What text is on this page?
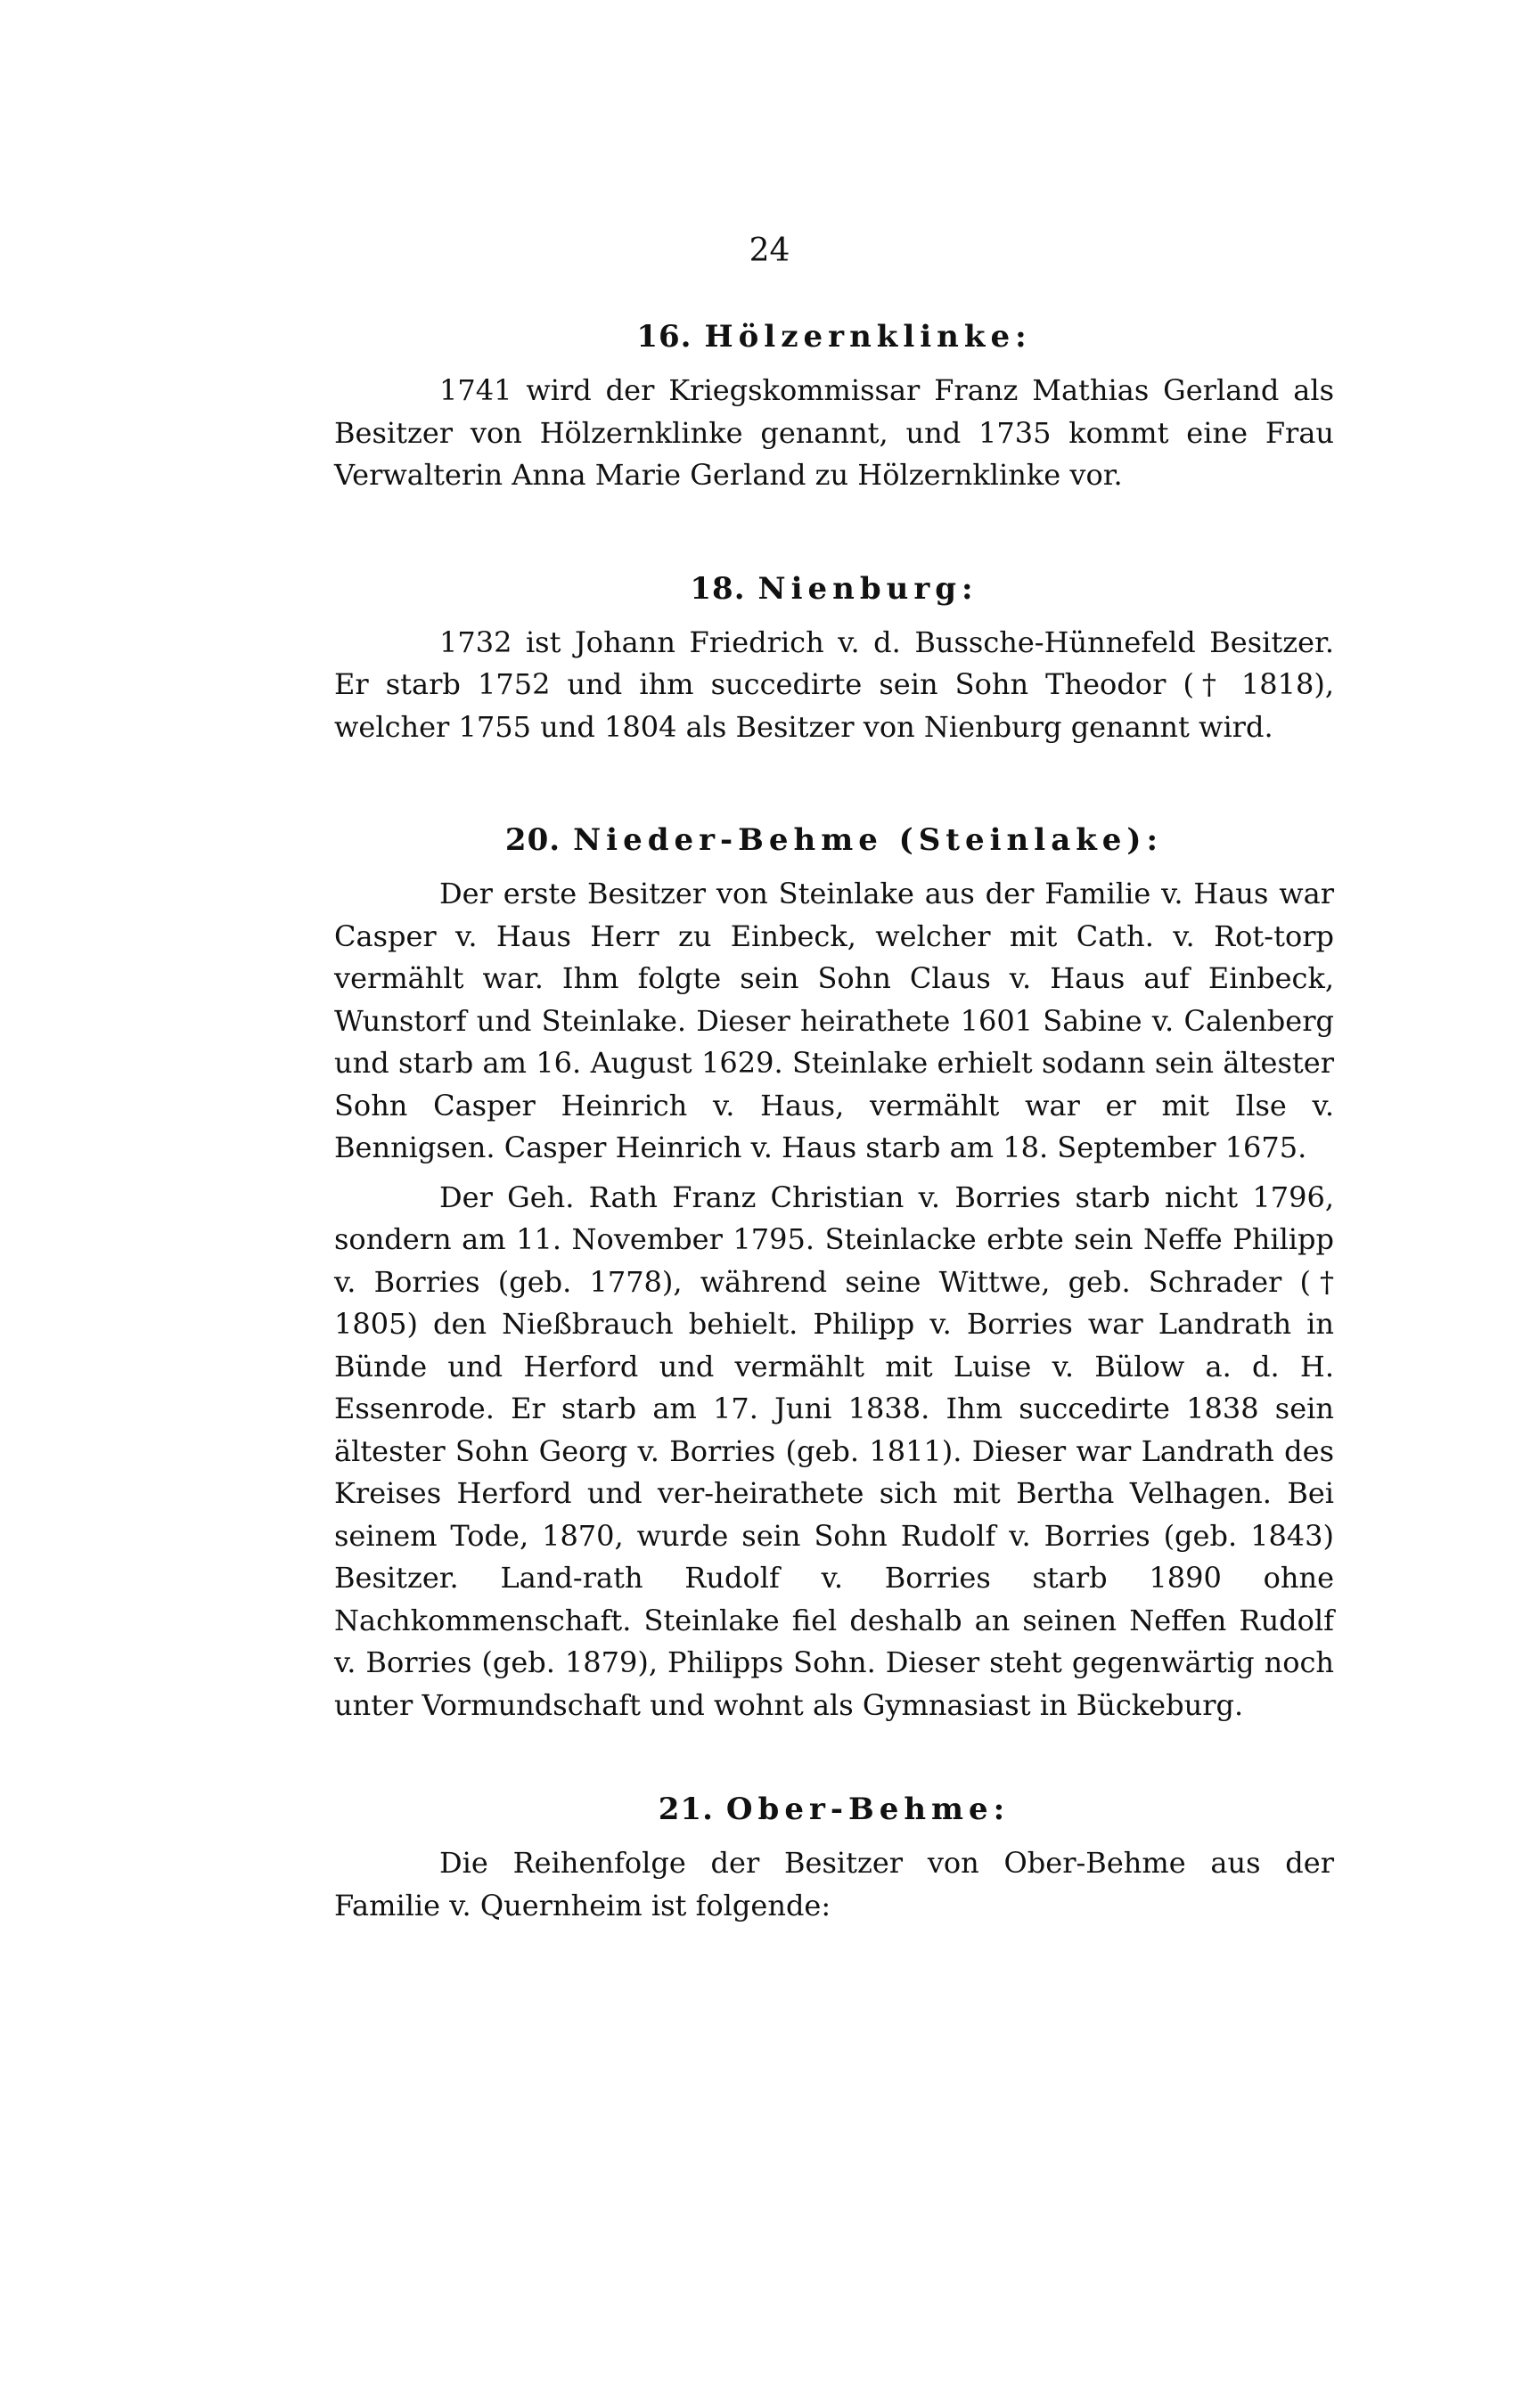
24
16. Hölzernklinke:

1741 wird der Kriegskommissar Franz Mathias Gerland als Besitzer von Hölzernklinke genannt, und 1735 kommt eine Frau Verwalterin Anna Marie Gerland zu Hölzernklinke vor.

18. Nienburg:

1732 ist Johann Friedrich v. d. Bussche-Hünnefeld Besitzer. Er starb 1752 und ihm succedirte sein Sohn Theodor († 1818), welcher 1755 und 1804 als Besitzer von Nienburg genannt wird.

20. Nieder-Behme (Steinlake):

Der erste Besitzer von Steinlake aus der Familie v. Haus war Casper v. Haus Herr zu Einbeck, welcher mit Cath. v. Rot-torp vermählt war. Ihm folgte sein Sohn Claus v. Haus auf Einbeck, Wunstorf und Steinlake. Dieser heirathete 1601 Sabine v. Calenberg und starb am 16. August 1629. Steinlake erhielt sodann sein ältester Sohn Casper Heinrich v. Haus, vermählt war er mit Ilse v. Bennigsen. Casper Heinrich v. Haus starb am 18. September 1675.

Der Geh. Rath Franz Christian v. Borries starb nicht 1796, sondern am 11. November 1795. Steinlacke erbte sein Neffe Philipp v. Borries (geb. 1778), während seine Wittwe, geb. Schrader († 1805) den Nießbrauch behielt. Philipp v. Borries war Landrath in Bünde und Herford und vermählt mit Luise v. Bülow a. d. H. Essenrode. Er starb am 17. Juni 1838. Ihm succedirte 1838 sein ältester Sohn Georg v. Borries (geb. 1811). Dieser war Landrath des Kreises Herford und ver-heirathete sich mit Bertha Velhagen. Bei seinem Tode, 1870, wurde sein Sohn Rudolf v. Borries (geb. 1843) Besitzer. Land-rath Rudolf v. Borries starb 1890 ohne Nachkommenschaft. Steinlake fiel deshalb an seinen Neffen Rudolf v. Borries (geb. 1879), Philipps Sohn. Dieser steht gegenwärtig noch unter Vormundschaft und wohnt als Gymnasiast in Bückeburg.

21. Ober-Behme:

Die Reihenfolge der Besitzer von Ober-Behme aus der Familie v. Quernheim ist folgende:
